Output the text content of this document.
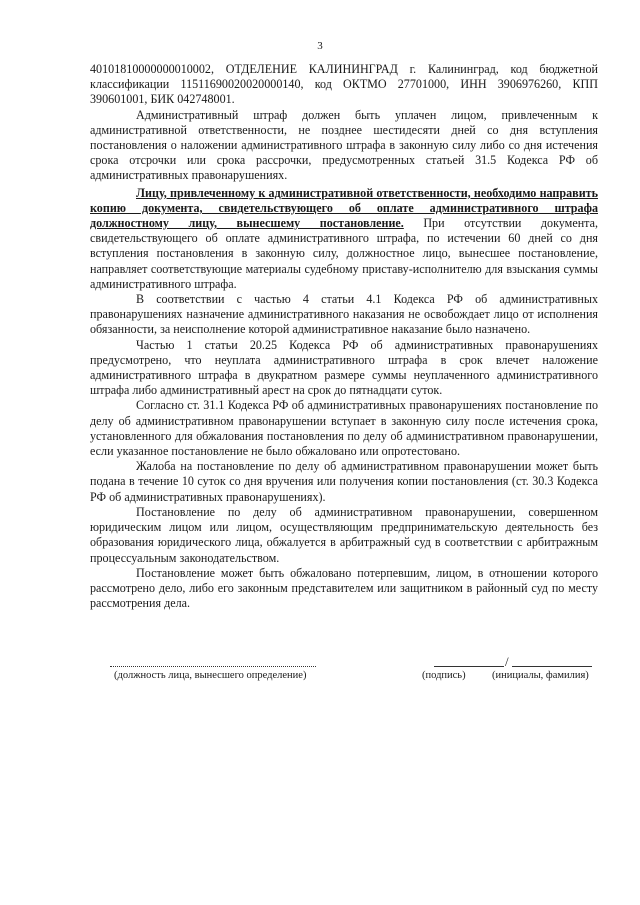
3

40101810000000010002, ОТДЕЛЕНИЕ КАЛИНИНГРАД г. Калининград, код бюджетной классификации 11511690020020000140, код ОКТМО 27701000, ИНН 3906976260, КПП 390601001, БИК 042748001.

Административный штраф должен быть уплачен лицом, привлеченным к административной ответственности, не позднее шестидесяти дней со дня вступления постановления о наложении административного штрафа в законную силу либо со дня истечения срока отсрочки или срока рассрочки, предусмотренных статьей 31.5 Кодекса РФ об административных правонарушениях.

Лицу, привлеченному к административной ответственности, необходимо направить копию документа, свидетельствующего об оплате административного штрафа должностному лицу, вынесшему постановление. При отсутствии документа, свидетельствующего об оплате административного штрафа, по истечении 60 дней со дня вступления постановления в законную силу, должностное лицо, вынесшее постановление, направляет соответствующие материалы судебному приставу-исполнителю для взыскания суммы административного штрафа.

В соответствии с частью 4 статьи 4.1 Кодекса РФ об административных правонарушениях назначение административного наказания не освобождает лицо от исполнения обязанности, за неисполнение которой административное наказание было назначено.

Частью 1 статьи 20.25 Кодекса РФ об административных правонарушениях предусмотрено, что неуплата административного штрафа в срок влечет наложение административного штрафа в двукратном размере суммы неуплаченного административного штрафа либо административный арест на срок до пятнадцати суток.

Согласно ст. 31.1 Кодекса РФ об административных правонарушениях постановление по делу об административном правонарушении вступает в законную силу после истечения срока, установленного для обжалования постановления по делу об административном правонарушении, если указанное постановление не было обжаловано или опротестовано.

Жалоба на постановление по делу об административном правонарушении может быть подана в течение 10 суток со дня вручения или получения копии постановления (ст. 30.3 Кодекса РФ об административных правонарушениях).

Постановление по делу об административном правонарушении, совершенном юридическим лицом или лицом, осуществляющим предпринимательскую деятельность без образования юридического лица, обжалуется в арбитражный суд в соответствии с арбитражным процессуальным законодательством.

Постановление может быть обжаловано потерпевшим, лицом, в отношении которого рассмотрено дело, либо его законным представителем или защитником в районный суд по месту рассмотрения дела.

/
(должность лица, вынесшего определение)	(подпись)	(инициалы, фамилия)
